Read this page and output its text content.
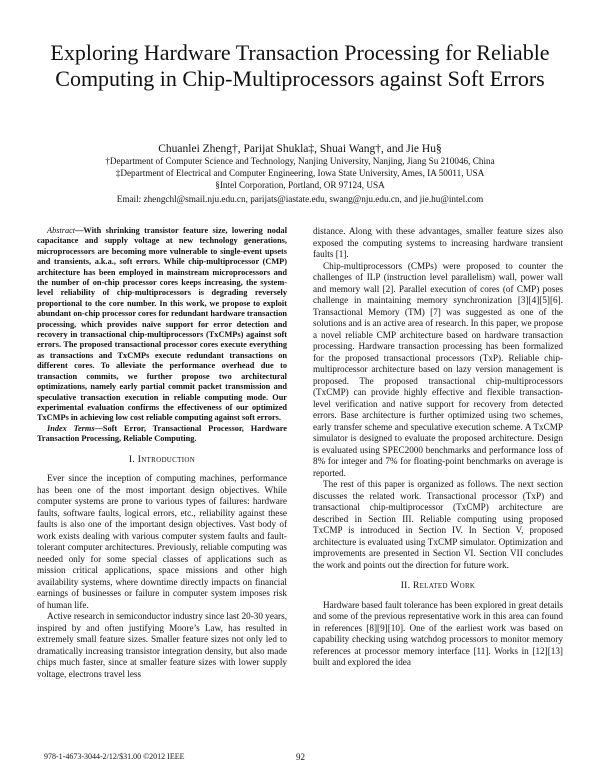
Exploring Hardware Transaction Processing for Reliable Computing in Chip-Multiprocessors against Soft Errors
Chuanlei Zheng†, Parijat Shukla‡, Shuai Wang†, and Jie Hu§
†Department of Computer Science and Technology, Nanjing University, Nanjing, Jiang Su 210046, China
‡Department of Electrical and Computer Engineering, Iowa State University, Ames, IA 50011, USA
§Intel Corporation, Portland, OR 97124, USA
Email: zhengchl@smail.nju.edu.cn, parijats@iastate.edu, swang@nju.edu.cn, and jie.hu@intel.com

Abstract—With shrinking transistor feature size, lowering nodal capacitance and supply voltage at new technology generations, microprocessors are becoming more vulnerable to single-event upsets and transients, a.k.a., soft errors. While chip-multiprocessor (CMP) architecture has been employed in mainstream microprocessors and the number of on-chip processor cores keeps increasing, the system-level reliability of chip-multiprocessors is degrading reversely proportional to the core number. In this work, we propose to exploit abundant on-chip processor cores for redundant hardware transaction processing, which provides naïve support for error detection and recovery in transactional chip-multiprocessors (TxCMPs) against soft errors. The proposed transactional processor cores execute everything as transactions and TxCMPs execute redundant transactions on different cores. To alleviate the performance overhead due to transaction commits, we further propose two architectural optimizations, namely early partial commit packet transmission and speculative transaction execution in reliable computing mode. Our experimental evaluation confirms the effectiveness of our optimized TxCMPs in achieving low cost reliable computing against soft errors.

Index Terms—Soft Error, Transactional Processor, Hardware Transaction Processing, Reliable Computing.

I. Introduction

Ever since the inception of computing machines, performance has been one of the most important design objectives. While computer systems are prone to various types of failures: hardware faults, software faults, logical errors, etc., reliability against these faults is also one of the important design objectives. Vast body of work exists dealing with various computer system faults and fault-tolerant computer architectures. Previously, reliable computing was needed only for some special classes of applications such as mission critical applications, space missions and other high availability systems, where downtime directly impacts on financial earnings of businesses or failure in computer system imposes risk of human life.

Active research in semiconductor industry since last 20-30 years, inspired by and often justifying Moore’s Law, has resulted in extremely small feature sizes. Smaller feature sizes not only led to dramatically increasing transistor integration density, but also made chips much faster, since at smaller feature sizes with lower supply voltage, electrons travel less

distance. Along with these advantages, smaller feature sizes also exposed the computing systems to increasing hardware transient faults [1].

Chip-multiprocessors (CMPs) were proposed to counter the challenges of ILP (instruction level parallelism) wall, power wall and memory wall [2]. Parallel execution of cores (of CMP) poses challenge in maintaining memory synchronization [3][4][5][6]. Transactional Memory (TM) [7] was suggested as one of the solutions and is an active area of research. In this paper, we propose a novel reliable CMP architecture based on hardware transaction processing. Hardware transaction processing has been formalized for the proposed transactional processors (TxP). Reliable chip-multiprocessor architecture based on lazy version management is proposed. The proposed transactional chip-multiprocessors (TxCMP) can provide highly effective and flexible transaction-level verification and native support for recovery from detected errors. Base architecture is further optimized using two schemes, early transfer scheme and speculative execution scheme. A TxCMP simulator is designed to evaluate the proposed architecture. Design is evaluated using SPEC2000 benchmarks and performance loss of 8% for integer and 7% for floating-point benchmarks on average is reported.

The rest of this paper is organized as follows. The next section discusses the related work. Transactional processor (TxP) and transactional chip-multiprocessor (TxCMP) architecture are described in Section III. Reliable computing using proposed TxCMP is introduced in Section IV. In Section V, proposed architecture is evaluated using TxCMP simulator. Optimization and improvements are presented in Section VI. Section VII concludes the work and points out the direction for future work.

II. Related Work

Hardware based fault tolerance has been explored in great details and some of the previous representative work in this area can found in references [8][9][10]. One of the earliest work was based on capability checking using watchdog processors to monitor memory references at processor memory interface [11]. Works in [12][13] built and explored the idea

978-1-4673-3044-2/12/$31.00 ©2012 IEEE	92
